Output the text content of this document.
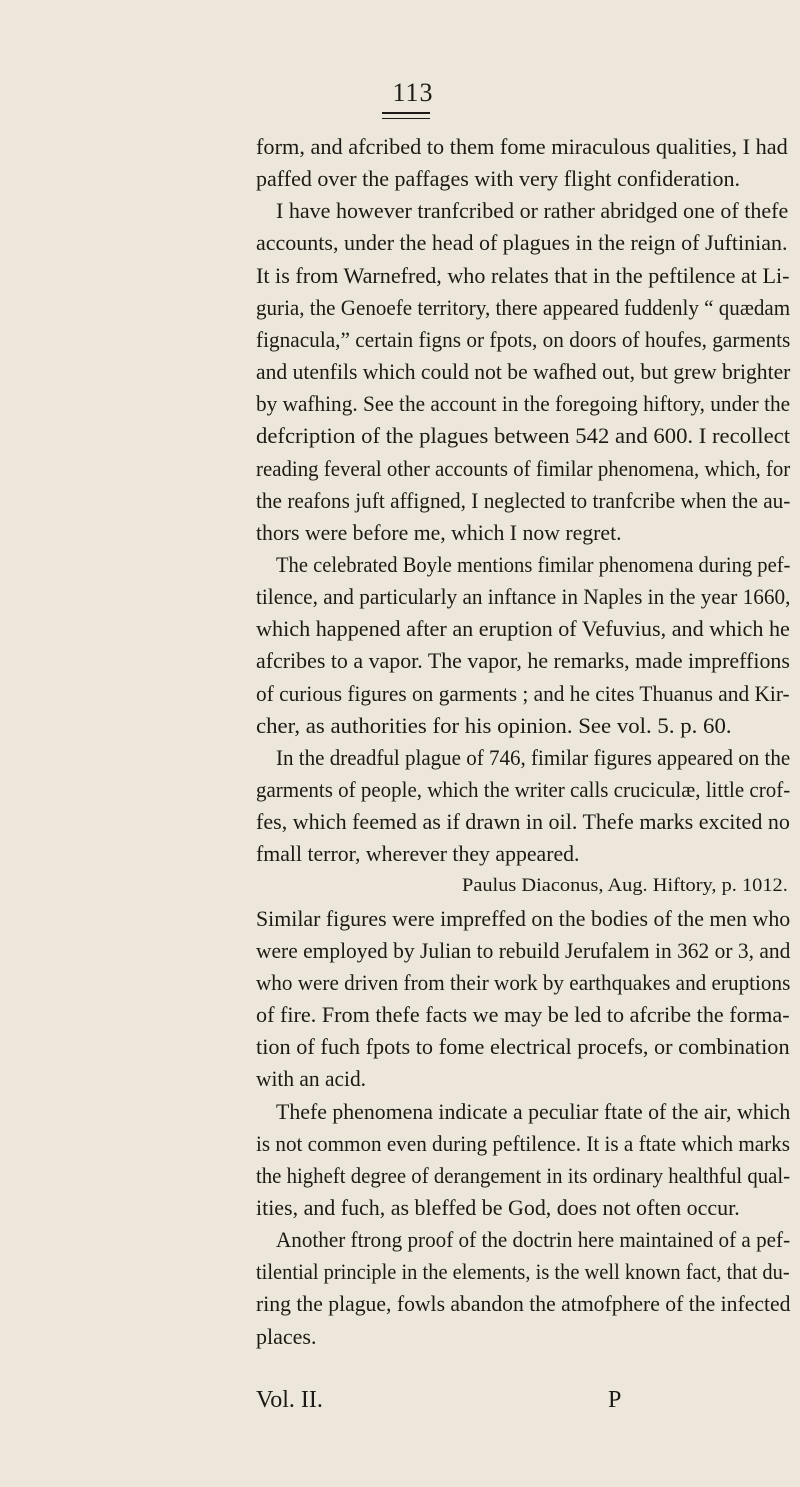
113
form, and afcribed to them fome miraculous qualities, I had
paffed over the paffages with very flight confideration.
I have however tranfcribed or rather abridged one of thefe
accounts, under the head of plagues in the reign of Juftinian.
It is from Warnefred, who relates that in the peftilence at Li-
guria, the Genoefe territory, there appeared fuddenly “ quædam
fignacula,” certain figns or fpots, on doors of houfes, garments
and utenfils which could not be wafhed out, but grew brighter
by wafhing. See the account in the foregoing hiftory, under the
defcription of the plagues between 542 and 600. I recollect
reading feveral other accounts of fimilar phenomena, which, for
the reafons juft affigned, I neglected to tranfcribe when the au-
thors were before me, which I now regret.
The celebrated Boyle mentions fimilar phenomena during pef-
tilence, and particularly an inftance in Naples in the year 1660,
which happened after an eruption of Vefuvius, and which he
afcribes to a vapor. The vapor, he remarks, made impreffions
of curious figures on garments ; and he cites Thuanus and Kir-
cher, as authorities for his opinion. See vol. 5. p. 60.
In the dreadful plague of 746, fimilar figures appeared on the
garments of people, which the writer calls cruciculæ, little crof-
fes, which feemed as if drawn in oil. Thefe marks excited no
fmall terror, wherever they appeared.
Paulus Diaconus, Aug. Hiftory, p. 1012.
Similar figures were impreffed on the bodies of the men who
were employed by Julian to rebuild Jerufalem in 362 or 3, and
who were driven from their work by earthquakes and eruptions
of fire. From thefe facts we may be led to afcribe the forma-
tion of fuch fpots to fome electrical procefs, or combination
with an acid.
Thefe phenomena indicate a peculiar ftate of the air, which
is not common even during peftilence. It is a ftate which marks
the higheft degree of derangement in its ordinary healthful qual-
ities, and fuch, as bleffed be God, does not often occur.
Another ftrong proof of the doctrin here maintained of a pef-
tilential principle in the elements, is the well known fact, that du-
ring the plague, fowls abandon the atmofphere of the infected
places.
Vol. II.	P
